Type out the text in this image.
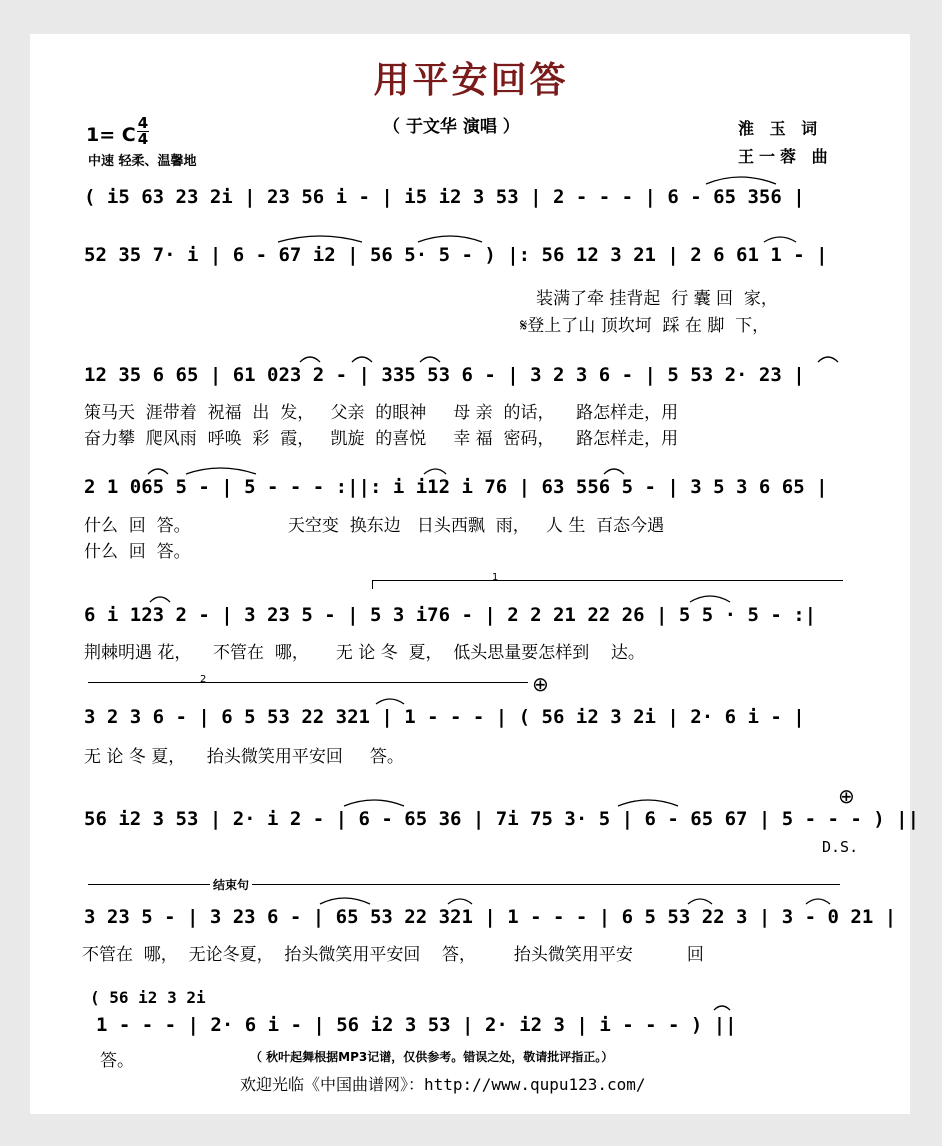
用平安回答
（ 于文华 演唱 ）
1= C
4
4
中速 轻柔、温馨地
淮 玉 词
王一蓉 曲
( i5 63 23 2i | 23 56 i - | i5 i2 3 53 | 2 - - - | 6 - 65 356 |
52 35 7· i | 6 - 67 i2 | 56 5· 5 - ) |: 56 12 3 21 | 2 6 61 1 - |
装满了牵 挂背起  行 囊 回  家，
𝄋登上了山 顶坎坷  踩 在 脚  下，
12 35 6 65 | 61 023 2 - | 335 53 6 - | 3 2 3 6 - | 5 53 2· 23 |
策马天  涯带着  祝福  出  发，   父亲  的眼神     母 亲  的话，    路怎样走，用
奋力攀  爬风雨  呼唤  彩  霞，   凯旋  的喜悦     幸 福  密码，    路怎样走，用
2 1 065 5 - | 5 - - - :||: i i12 i 76 | 63 556 5 - | 3 5 3 6 65 |
什么  回  答。                  天空变  换东边   日头西飘  雨，   人 生  百态今遇
什么  回  答。
1
6 i 123 2 - | 3 23 5 - | 5 3 i76 - | 2 2 21 22 26 | 5 5 · 5 - :|
荆棘明遇 花，    不管在  哪，     无 论 冬  夏，  低头思量要怎样到    达。
2	⊕
3 2 3 6 - | 6 5 53 22 321 | 1 - - - | ( 56 i2 3 2i | 2· 6 i - |
无 论 冬 夏，    抬头微笑用平安回     答。
⊕
56 i2 3 53 | 2· i 2 - | 6 - 65 36 | 7i 75 3· 5 | 6 - 65 67 | 5 - - - ) ||
D.S.
结束句
3 23 5 - | 3 23 6 - | 65 53 22 321 | 1 - - - | 6 5 53 22 3 | 3 - 0 21 |
不管在  哪，  无论冬夏，  抬头微笑用平安回    答，       抬头微笑用平安          回
( 56 i2 3 2i
1 - - - | 2· 6 i - | 56 i2 3 53 | 2· i2 3 | i - - - ) ||
答。	（ 秋叶起舞根据MP3记谱，仅供参考。错误之处，敬请批评指正。）
欢迎光临《中国曲谱网》：http://www.qupu123.com/
